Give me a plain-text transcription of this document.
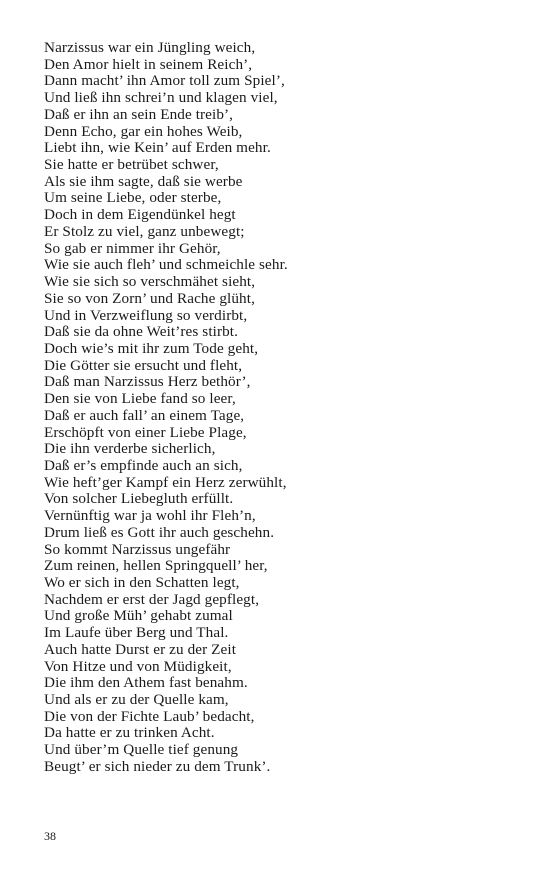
Narzissus war ein Jüngling weich,
Den Amor hielt in seinem Reich’,
Dann macht’ ihn Amor toll zum Spiel’,
Und ließ ihn schrei’n und klagen viel,
Daß er ihn an sein Ende treib’,
Denn Echo, gar ein hohes Weib,
Liebt ihn, wie Kein’ auf Erden mehr.
Sie hatte er betrübet schwer,
Als sie ihm sagte, daß sie werbe
Um seine Liebe, oder sterbe,
Doch in dem Eigendünkel hegt
Er Stolz zu viel, ganz unbewegt;
So gab er nimmer ihr Gehör,
Wie sie auch fleh’ und schmeichle sehr.
Wie sie sich so verschmähet sieht,
Sie so von Zorn’ und Rache glüht,
Und in Verzweiflung so verdirbt,
Daß sie da ohne Weit’res stirbt.
Doch wie’s mit ihr zum Tode geht,
Die Götter sie ersucht und fleht,
Daß man Narzissus Herz bethör’,
Den sie von Liebe fand so leer,
Daß er auch fall’ an einem Tage,
Erschöpft von einer Liebe Plage,
Die ihn verderbe sicherlich,
Daß er’s empfinde auch an sich,
Wie heft’ger Kampf ein Herz zerwühlt,
Von solcher Liebegluth erfüllt.
Vernünftig war ja wohl ihr Fleh’n,
Drum ließ es Gott ihr auch geschehn.
So kommt Narzissus ungefähr
Zum reinen, hellen Springquell’ her,
Wo er sich in den Schatten legt,
Nachdem er erst der Jagd gepflegt,
Und große Müh’ gehabt zumal
Im Laufe über Berg und Thal.
Auch hatte Durst er zu der Zeit
Von Hitze und von Müdigkeit,
Die ihm den Athem fast benahm.
Und als er zu der Quelle kam,
Die von der Fichte Laub’ bedacht,
Da hatte er zu trinken Acht.
Und über’m Quelle tief genung
Beugt’ er sich nieder zu dem Trunk’.
38
